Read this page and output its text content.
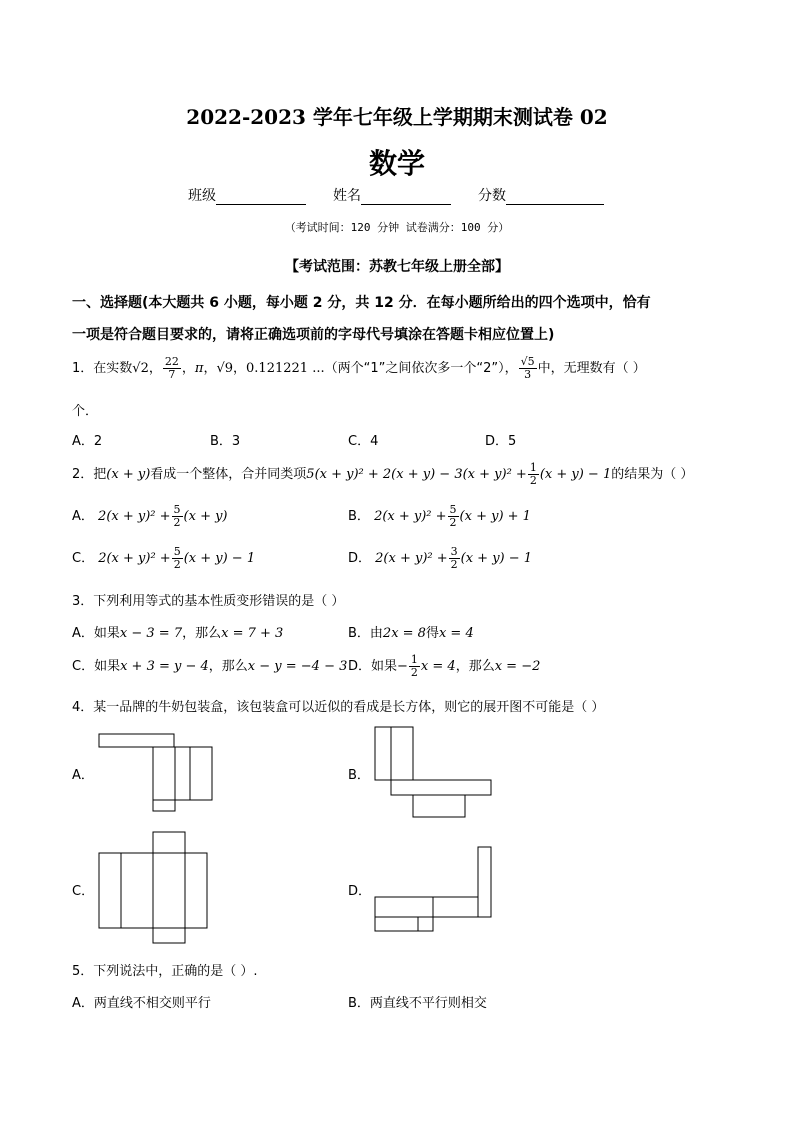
2022-2023 学年七年级上学期期末测试卷 02
数学
班级	姓名	分数
（考试时间：120 分钟 试卷满分：100 分）
【考试范围：苏教七年级上册全部】
一、选择题(本大题共 6 小题，每小题 2 分，共 12 分．在每小题所给出的四个选项中，恰有
一项是符合题目要求的，请将正确选项前的字母代号填涂在答题卡相应位置上)
1．在实数√2， $\frac{22}{7}$ ，π，√9，0.121221 ...（两个“1”之间依次多一个“2”）， $\frac{√5}{3}$ 中，无理数有（ ）
个．
A．2	B．3	C．4	D．5
2．把(x + y)看成一个整体，合并同类项$5(x + y)^2 + 2(x + y) - 3(x + y)^2 + \frac{1}{2} (x + y) - 1$的结果为（ ）
A． $2(x + y)^2 + \frac{5}{2} (x + y)$	B． $2(x + y)^2 + \frac{5}{2} (x + y) + 1$
C． $2(x + y)^2 + \frac{5}{2} (x + y) - 1$	D． $2(x + y)^2 + \frac{3}{2} (x + y) - 1$
3．下列利用等式的基本性质变形错误的是（ ）
A．如果x − 3 = 7，那么x = 7 + 3	B．由2x = 8得x = 4
C．如果x + 3 = y − 4，那么x − y = −4 − 3 D．如果− $\frac{1}{2}$ x = 4，那么x = −2
4．某一品牌的牛奶包装盒，该包装盒可以近似的看成是长方体，则它的展开图不可能是（ ）
A．	B．
C．	D．
5．下列说法中，正确的是（ ）.
A．两直线不相交则平行	B．两直线不平行则相交
